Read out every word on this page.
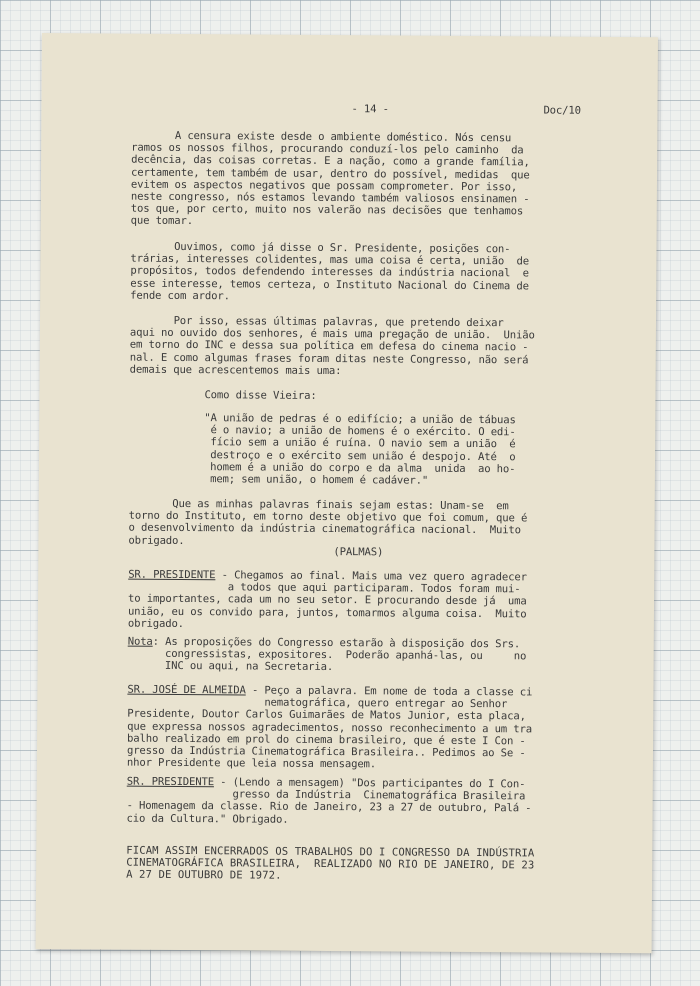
- 14 -	Doc/10
A censura existe desde o ambiente doméstico. Nós censu
ramos os nossos filhos, procurando conduzí-los pelo caminho  da
decência, das coisas corretas. E a nação, como a grande família,
certamente, tem também de usar, dentro do possível, medidas  que
evitem os aspectos negativos que possam comprometer. Por isso,
neste congresso, nós estamos levando também valiosos ensinamen -
tos que, por certo, muito nos valerão nas decisões que tenhamos
que tomar.
Ouvimos, como já disse o Sr. Presidente, posições con-
trárias, interesses colidentes, mas uma coisa é certa, união  de
propósitos, todos defendendo interesses da indústria nacional  e
esse interesse, temos certeza, o Instituto Nacional do Cinema de
fende com ardor.
Por isso, essas últimas palavras, que pretendo deixar
aqui no ouvido dos senhores, é mais uma pregação de união.  União
em torno do INC e dessa sua política em defesa do cinema nacio -
nal. E como algumas frases foram ditas neste Congresso, não será
demais que acrescentemos mais uma:
Como disse Vieira:
"A união de pedras é o edifício; a união de tábuas
é o navio; a união de homens é o exército. O edi-
fício sem a união é ruína. O navio sem a união  é
destroço e o exército sem união é despojo. Até  o
homem é a união do corpo e da alma  unida  ao ho-
mem; sem união, o homem é cadáver."
Que as minhas palavras finais sejam estas: Unam-se  em
torno do Instituto, em torno deste objetivo que foi comum, que é
o desenvolvimento da indústria cinematográfica nacional.  Muito
obrigado.
(PALMAS)
SR. PRESIDENTE - Chegamos ao final. Mais uma vez quero agradecer
a todos que aqui participaram. Todos foram mui-
to importantes, cada um no seu setor. E procurando desde já  uma
união, eu os convido para, juntos, tomarmos alguma coisa.  Muito
obrigado.
Nota: As proposições do Congresso estarão à disposição dos Srs.
congressistas, expositores.  Poderão apanhá-las, ou     no
INC ou aqui, na Secretaria.
SR. JOSÉ DE ALMEIDA - Peço a palavra. Em nome de toda a classe ci
nematográfica, quero entregar ao Senhor
Presidente, Doutor Carlos Guimarães de Matos Junior, esta placa,
que expressa nossos agradecimentos, nosso reconhecimento a um tra
balho realizado em prol do cinema brasileiro, que é este I Con -
gresso da Indústria Cinematográfica Brasileira.. Pedimos ao Se -
nhor Presidente que leia nossa mensagem.
SR. PRESIDENTE - (Lendo a mensagem) "Dos participantes do I Con-
gresso da Indústria  Cinematográfica Brasileira
- Homenagem da classe. Rio de Janeiro, 23 a 27 de outubro, Palá -
cio da Cultura." Obrigado.
FICAM ASSIM ENCERRADOS OS TRABALHOS DO I CONGRESSO DA INDÚSTRIA
CINEMATOGRÁFICA BRASILEIRA,  REALIZADO NO RIO DE JANEIRO, DE 23
A 27 DE OUTUBRO DE 1972.
